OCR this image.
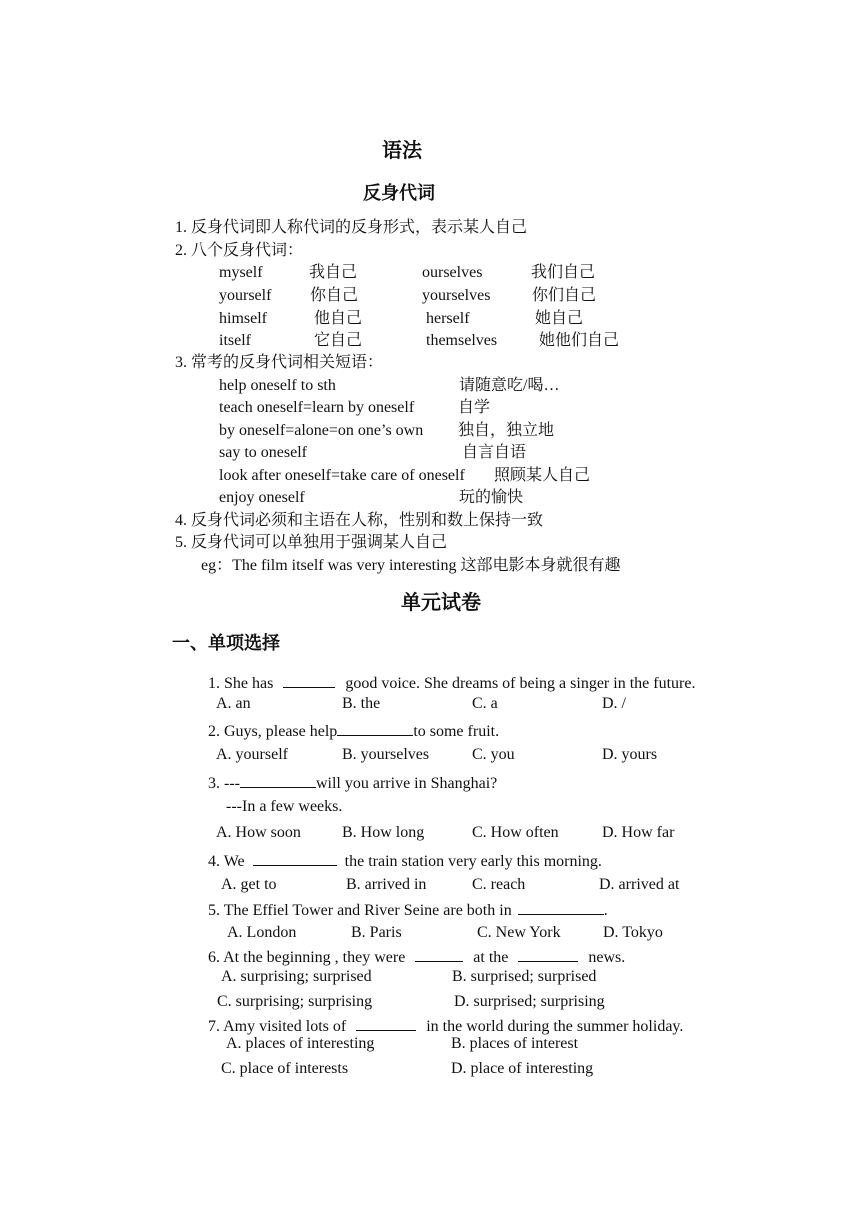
语法
反身代词
1. 反身代词即人称代词的反身形式，表示某人自己
2. 八个反身代词：
myself	我自己	ourselves	我们自己
yourself 你自己	yourselves	你们自己
himself	他自己	herself	她自己
itself	它自己	themselves	她他们自己
3. 常考的反身代词相关短语：
help oneself to sth	请随意吃/喝…
teach oneself=learn by oneself	自学
by oneself=alone=on one’s own 独自，独立地
say to oneself	自言自语
look after oneself=take care of oneself 照顾某人自己
enjoy oneself	玩的愉快
4. 反身代词必须和主语在人称，性别和数上保持一致
5. 反身代词可以单独用于强调某人自己
eg：The film itself was very interesting 这部电影本身就很有趣
单元试卷
一、单项选择
1. She has	good voice. She dreams of being a singer in the future.
A. an	B. the	C. a	D. /
2. Guys, please help	to some fruit.
A. yourself	B. yourselves	C. you	D. yours
3. ---	will you arrive in Shanghai?
---In a few weeks.
A. How soon	B. How long	C. How often	D. How far
4. We	the train station very early this morning.
A. get to	B. arrived in	C. reach	D. arrived at
5. The Effiel Tower and River Seine are both in	.
A. London	B. Paris	C. New York	D. Tokyo
6. At the beginning , they were	at the	news.
A. surprising; surprised	B. surprised; surprised
C. surprising; surprising	D. surprised; surprising
7. Amy visited lots of	in the world during the summer holiday.
A. places of interesting	B. places of interest
C. place of interests	D. place of interesting
